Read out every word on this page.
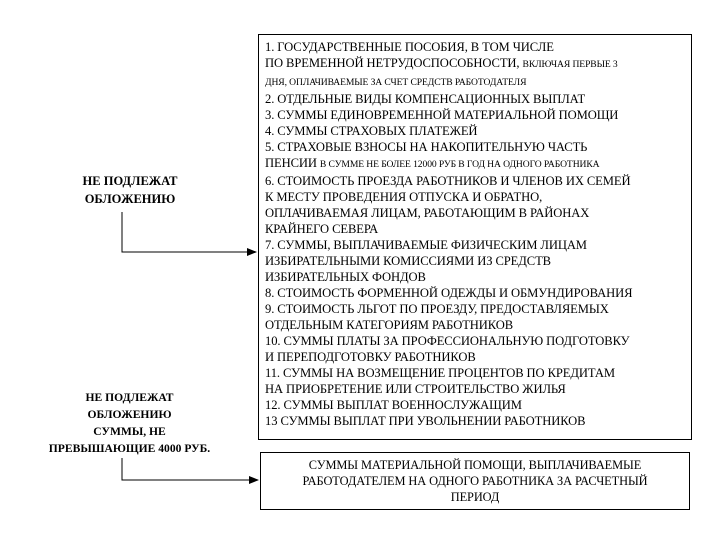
НЕ ПОДЛЕЖАТ
ОБЛОЖЕНИЮ
НЕ ПОДЛЕЖАТ
ОБЛОЖЕНИЮ
СУММЫ, НЕ
ПРЕВЫШАЮЩИЕ 4000 РУБ.
1. ГОСУДАРСТВЕННЫЕ ПОСОБИЯ, В ТОМ ЧИСЛЕ
ПО ВРЕМЕННОЙ НЕТРУДОСПОСОБНОСТИ, ВКЛЮЧАЯ ПЕРВЫЕ 3
ДНЯ, ОПЛАЧИВАЕМЫЕ ЗА СЧЕТ СРЕДСТВ РАБОТОДАТЕЛЯ
2. ОТДЕЛЬНЫЕ ВИДЫ КОМПЕНСАЦИОННЫХ ВЫПЛАТ
3. СУММЫ ЕДИНОВРЕМЕННОЙ МАТЕРИАЛЬНОЙ ПОМОЩИ
4. СУММЫ СТРАХОВЫХ ПЛАТЕЖЕЙ
5. СТРАХОВЫЕ ВЗНОСЫ НА НАКОПИТЕЛЬНУЮ ЧАСТЬ
ПЕНСИИ В СУММЕ НЕ БОЛЕЕ 12000 РУБ В ГОД НА ОДНОГО РАБОТНИКА
6. СТОИМОСТЬ ПРОЕЗДА РАБОТНИКОВ И ЧЛЕНОВ ИХ СЕМЕЙ
К МЕСТУ ПРОВЕДЕНИЯ ОТПУСКА И ОБРАТНО,
ОПЛАЧИВАЕМАЯ ЛИЦАМ, РАБОТАЮЩИМ В РАЙОНАХ
КРАЙНЕГО СЕВЕРА
7. СУММЫ, ВЫПЛАЧИВАЕМЫЕ ФИЗИЧЕСКИМ ЛИЦАМ
ИЗБИРАТЕЛЬНЫМИ КОМИССИЯМИ ИЗ СРЕДСТВ
ИЗБИРАТЕЛЬНЫХ ФОНДОВ
8. СТОИМОСТЬ ФОРМЕННОЙ ОДЕЖДЫ И ОБМУНДИРОВАНИЯ
9. СТОИМОСТЬ ЛЬГОТ ПО ПРОЕЗДУ, ПРЕДОСТАВЛЯЕМЫХ
ОТДЕЛЬНЫМ КАТЕГОРИЯМ РАБОТНИКОВ
10. СУММЫ ПЛАТЫ ЗА ПРОФЕССИОНАЛЬНУЮ ПОДГОТОВКУ
И ПЕРЕПОДГОТОВКУ РАБОТНИКОВ
11. СУММЫ НА ВОЗМЕЩЕНИЕ ПРОЦЕНТОВ ПО КРЕДИТАМ
НА ПРИОБРЕТЕНИЕ ИЛИ СТРОИТЕЛЬСТВО ЖИЛЬЯ
12. СУММЫ ВЫПЛАТ ВОЕННОСЛУЖАЩИМ
13 СУММЫ ВЫПЛАТ ПРИ УВОЛЬНЕНИИ РАБОТНИКОВ
СУММЫ МАТЕРИАЛЬНОЙ ПОМОЩИ, ВЫПЛАЧИВАЕМЫЕ
РАБОТОДАТЕЛЕМ НА ОДНОГО РАБОТНИКА ЗА РАСЧЕТНЫЙ
ПЕРИОД
